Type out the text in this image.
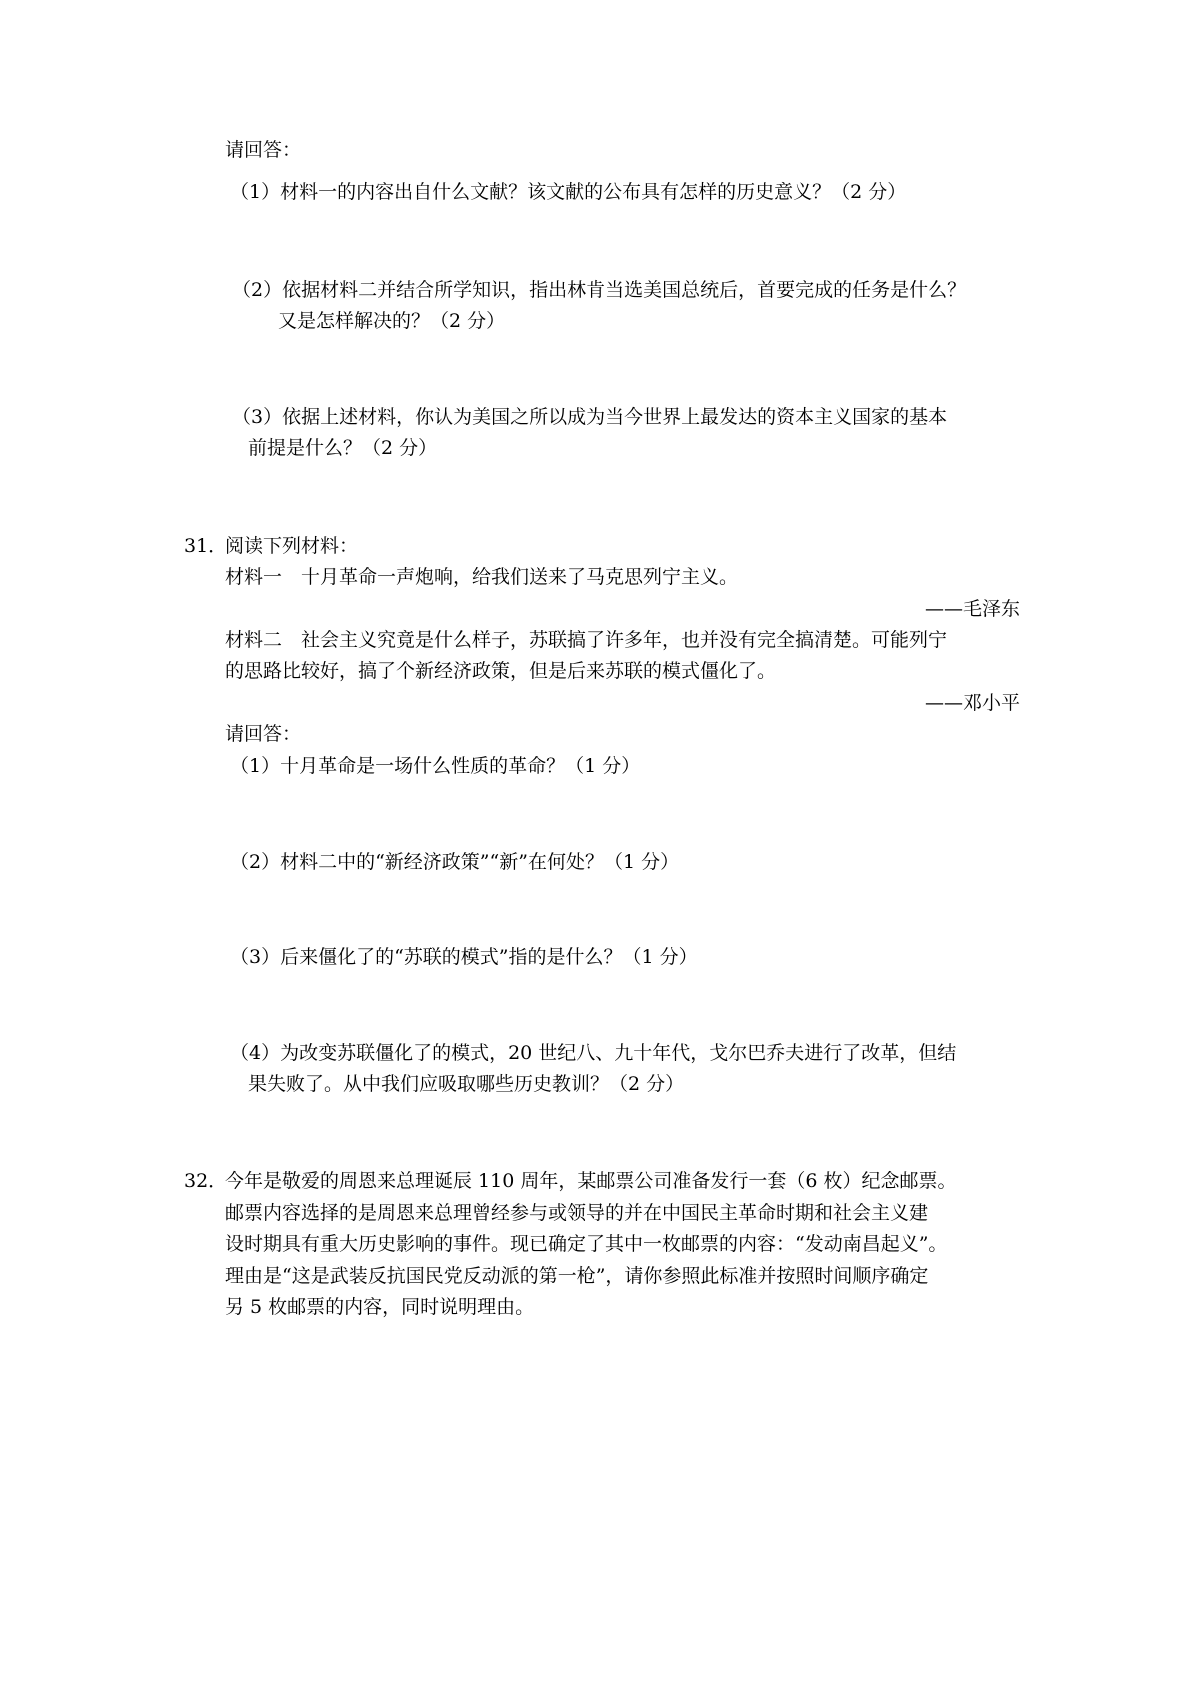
请回答：
（1）材料一的内容出自什么文献？该文献的公布具有怎样的历史意义？（2 分）
（2）依据材料二并结合所学知识，指出林肯当选美国总统后，首要完成的任务是什么？
又是怎样解决的？（2 分）
（3）依据上述材料，你认为美国之所以成为当今世界上最发达的资本主义国家的基本
前提是什么？（2 分）
31．
阅读下列材料：
材料一　十月革命一声炮响，给我们送来了马克思列宁主义。
——毛泽东
材料二　社会主义究竟是什么样子，苏联搞了许多年，也并没有完全搞清楚。可能列宁
的思路比较好，搞了个新经济政策，但是后来苏联的模式僵化了。
——邓小平
请回答：
（1）十月革命是一场什么性质的革命？（1 分）
（2）材料二中的“新经济政策”“新”在何处？（1 分）
（3）后来僵化了的“苏联的模式”指的是什么？（1 分）
（4）为改变苏联僵化了的模式，20 世纪八、九十年代，戈尔巴乔夫进行了改革，但结
果失败了。从中我们应吸取哪些历史教训？（2 分）
32．
今年是敬爱的周恩来总理诞辰 110 周年，某邮票公司准备发行一套（6 枚）纪念邮票。
邮票内容选择的是周恩来总理曾经参与或领导的并在中国民主革命时期和社会主义建
设时期具有重大历史影响的事件。现已确定了其中一枚邮票的内容：“发动南昌起义”。
理由是“这是武装反抗国民党反动派的第一枪”，请你参照此标准并按照时间顺序确定
另 5 枚邮票的内容，同时说明理由。
